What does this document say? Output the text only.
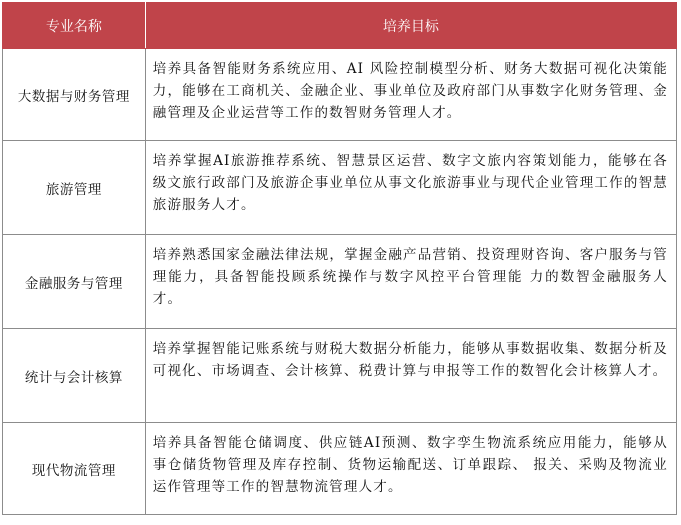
专业名称	培养目标
大数据与财务管理	培养具备智能财务系统应用、AI 风险控制模型分析、财务大数据可视化决策能力，能够在工商机关、金融企业、事业单位及政府部门从事数字化财务管理、金融管理及企业运营等工作的数智财务管理人才。
旅游管理	培养掌握AI旅游推荐系统、智慧景区运营、数字文旅内容策划能力，能够在各级文旅行政部门及旅游企事业单位从事文化旅游事业与现代企业管理工作的智慧旅游服务人才。
金融服务与管理	培养熟悉国家金融法律法规，掌握金融产品营销、投资理财咨询、客户服务与管理能力，具备智能投顾系统操作与数字风控平台管理能 力的数智金融服务人才。
统计与会计核算	培养掌握智能记账系统与财税大数据分析能力，能够从事数据收集、数据分析及可视化、市场调查、会计核算、税费计算与申报等工作的数智化会计核算人才。
现代物流管理	培养具备智能仓储调度、供应链AI预测、数字孪生物流系统应用能力，能够从事仓储货物管理及库存控制、货物运输配送、订单跟踪、 报关、采购及物流业运作管理等工作的智慧物流管理人才。
